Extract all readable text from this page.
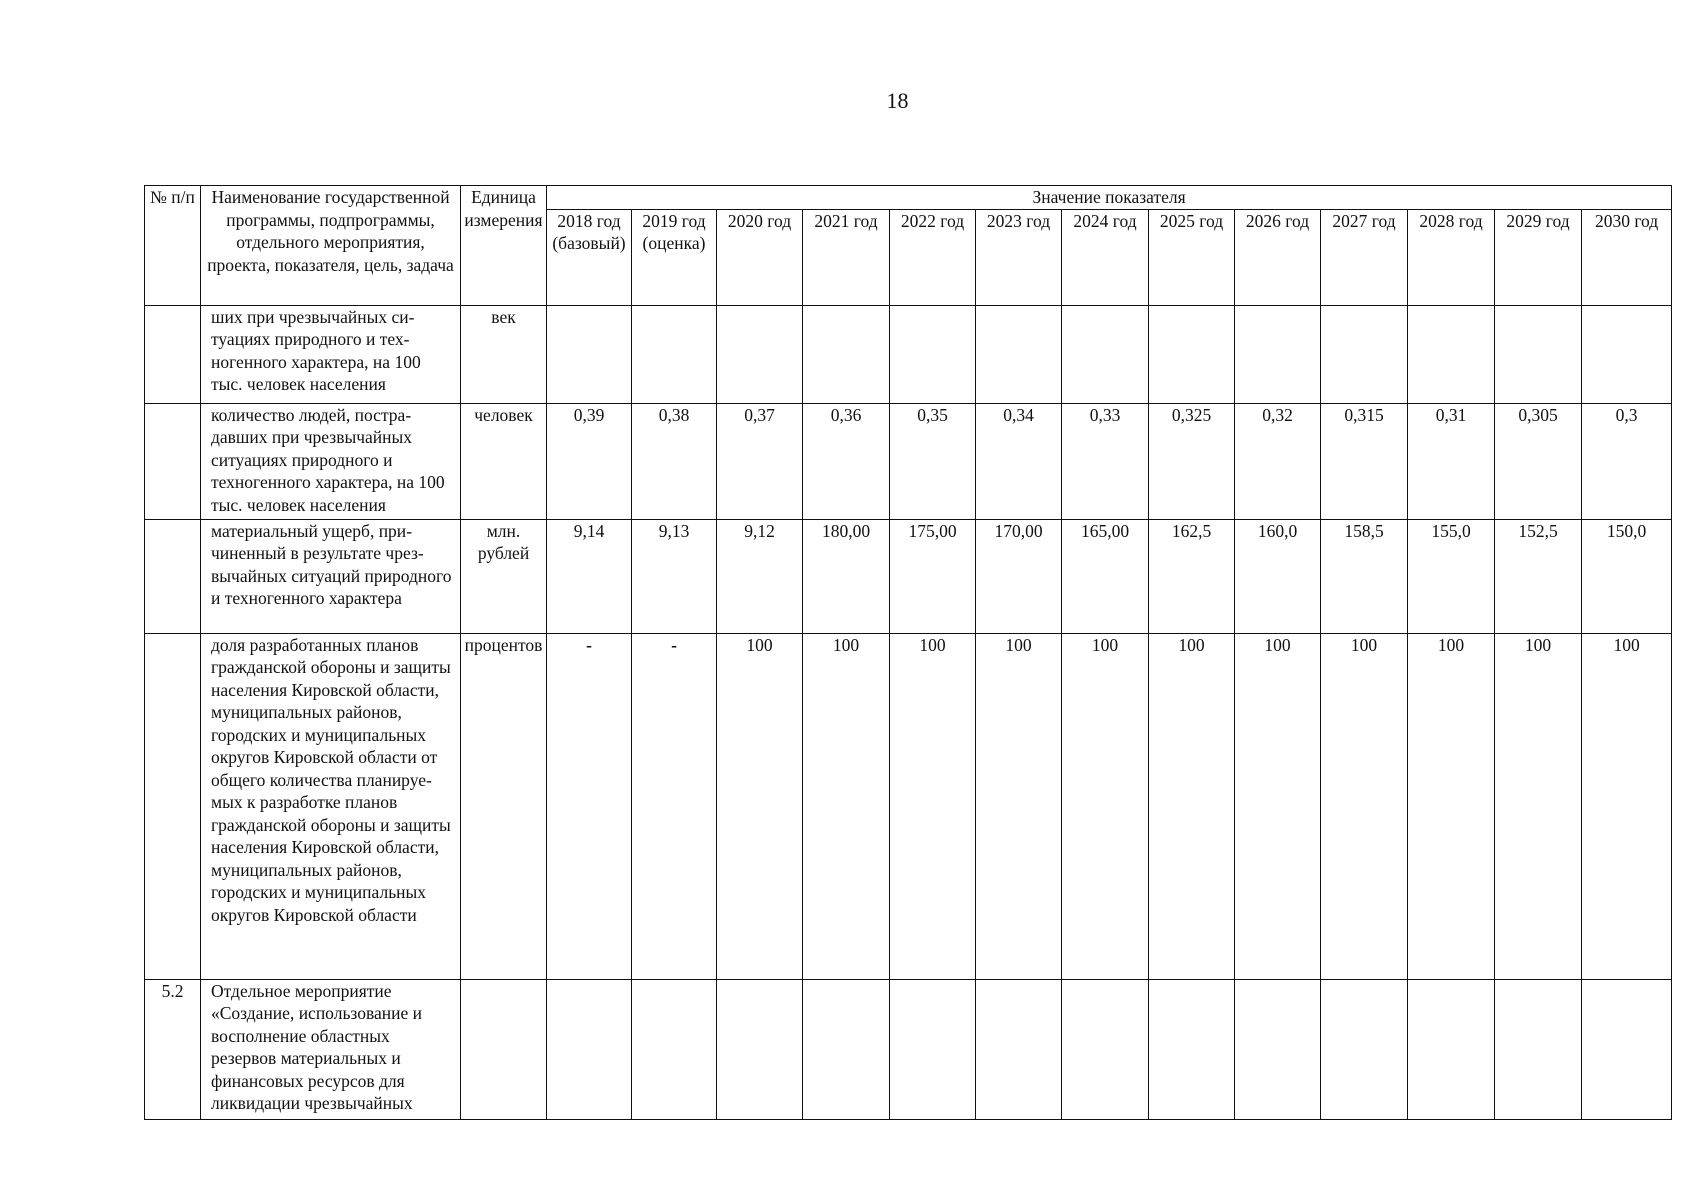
18
№ п/п	Наименование государственной программы, подпрограммы, отдельного мероприятия, проекта, показателя, цель, задача	Единица измерения	Значение показателя												
			2018 год (базовый)	2019 год (оценка)	2020 год	2021 год	2022 год	2023 год	2024 год	2025 год	2026 год	2027 год	2028 год	2029 год	2030 год
	ших при чрезвычайных ситуациях природного и техногенного характера, на 100 тыс. человек населения	век													
	количество людей, пострадавших при чрезвычайных ситуациях природного и техногенного характера, на 100 тыс. человек населения	человек	0,39	0,38	0,37	0,36	0,35	0,34	0,33	0,325	0,32	0,315	0,31	0,305	0,3
	материальный ущерб, причиненный в результате чрезвычайных ситуаций природного и техногенного характера	млн. рублей	9,14	9,13	9,12	180,00	175,00	170,00	165,00	162,5	160,0	158,5	155,0	152,5	150,0
	доля разработанных планов гражданской обороны и защиты населения Кировской области, муниципальных районов, городских и муниципальных округов Кировской области от общего количества планируемых к разработке планов гражданской обороны и защиты населения Кировской области, муниципальных районов, городских и муниципальных округов Кировской области	процентов	-	-	100	100	100	100	100	100	100	100	100	100	100
5.2	Отдельное мероприятие «Создание, использование и восполнение областных резервов материальных и финансовых ресурсов для ликвидации чрезвычайных														
